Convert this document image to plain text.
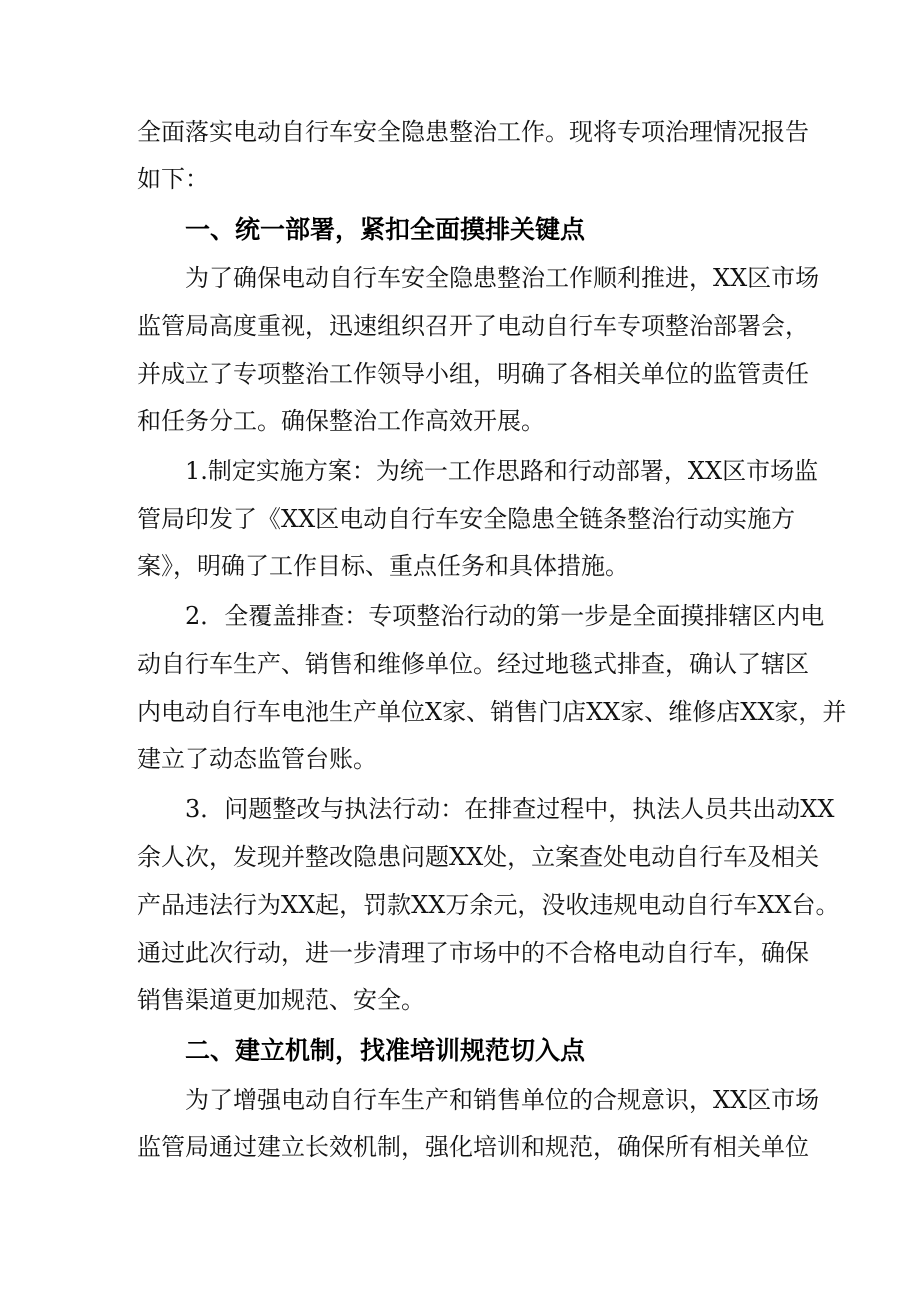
全面落实电动自行车安全隐患整治工作。现将专项治理情况报告
如下：
一、统一部署，紧扣全面摸排关键点
为了确保电动自行车安全隐患整治工作顺利推进，XX区市场
监管局高度重视，迅速组织召开了电动自行车专项整治部署会，
并成立了专项整治工作领导小组，明确了各相关单位的监管责任
和任务分工。确保整治工作高效开展。
1.制定实施方案：为统一工作思路和行动部署，XX区市场监
管局印发了《XX区电动自行车安全隐患全链条整治行动实施方
案》，明确了工作目标、重点任务和具体措施。
2．全覆盖排查：专项整治行动的第一步是全面摸排辖区内电
动自行车生产、销售和维修单位。经过地毯式排查，确认了辖区
内电动自行车电池生产单位X家、销售门店XX家、维修店XX家，并
建立了动态监管台账。
3．问题整改与执法行动：在排查过程中，执法人员共出动XX
余人次，发现并整改隐患问题XX处，立案查处电动自行车及相关
产品违法行为XX起，罚款XX万余元，没收违规电动自行车XX台。
通过此次行动，进一步清理了市场中的不合格电动自行车，确保
销售渠道更加规范、安全。
二、建立机制，找准培训规范切入点
为了增强电动自行车生产和销售单位的合规意识，XX区市场
监管局通过建立长效机制，强化培训和规范，确保所有相关单位
